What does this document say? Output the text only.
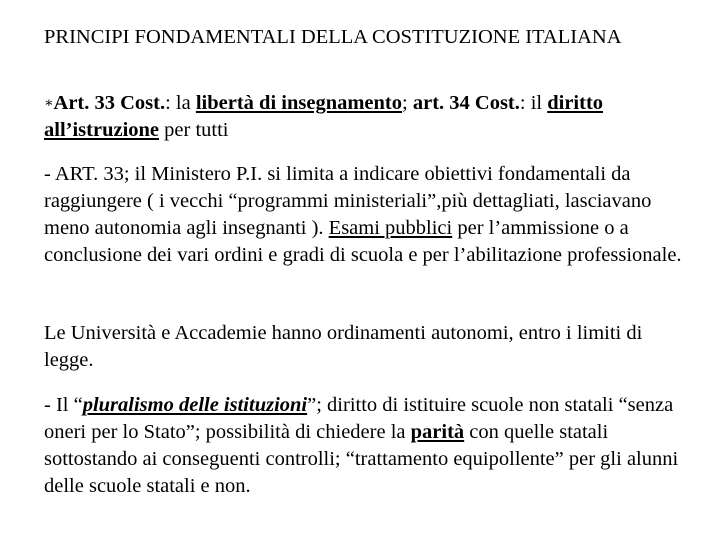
PRINCIPI FONDAMENTALI DELLA COSTITUZIONE ITALIANA

∗Art. 33 Cost.: la libertà di insegnamento; art. 34 Cost.: il diritto all’istruzione per tutti

- ART. 33; il Ministero P.I. si limita a indicare obiettivi fondamentali da raggiungere ( i vecchi “programmi ministeriali”,più dettagliati, lasciavano meno autonomia agli insegnanti ). Esami pubblici per l’ammissione o a conclusione dei vari ordini e gradi di scuola e per l’abilitazione professionale.

Le Università e Accademie hanno ordinamenti autonomi, entro i limiti di legge.

- Il “pluralismo delle istituzioni”; diritto di istituire scuole non statali “senza oneri per lo Stato”; possibilità di chiedere la parità con quelle statali sottostando ai conseguenti controlli; “trattamento equipollente” per gli alunni delle scuole statali e non.
